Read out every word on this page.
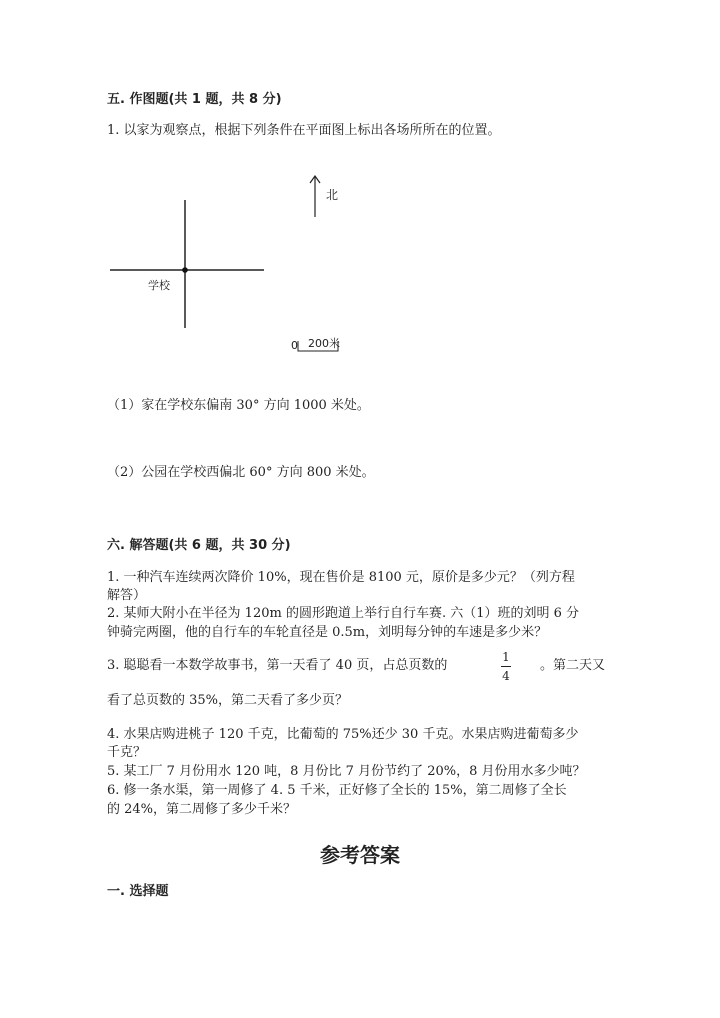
五. 作图题(共 1 题，共 8 分)
1. 以家为观察点，根据下列条件在平面图上标出各场所所在的位置。
北
学校
0 200米
（1）家在学校东偏南 30° 方向 1000 米处。
（2）公园在学校西偏北 60° 方向 800 米处。
六. 解答题(共 6 题，共 30 分)
1. 一种汽车连续两次降价 10%，现在售价是 8100 元，原价是多少元？（列方程
解答）
2. 某师大附小在半径为 120m 的圆形跑道上举行自行车赛. 六（1）班的刘明 6 分
钟骑完两圈，他的自行车的车轮直径是 0.5m，刘明每分钟的车速是多少米？
3. 聪聪看一本数学故事书，第一天看了 40 页，占总页数的
1
4
。第二天又
看了总页数的 35%，第二天看了多少页？
4. 水果店购进桃子 120 千克，比葡萄的 75%还少 30 千克。水果店购进葡萄多少
千克？
5. 某工厂 7 月份用水 120 吨，8 月份比 7 月份节约了 20%，8 月份用水多少吨？
6. 修一条水渠，第一周修了 4. 5 千米，正好修了全长的 15%，第二周修了全长
的 24%，第二周修了多少千米？
参考答案
一. 选择题
